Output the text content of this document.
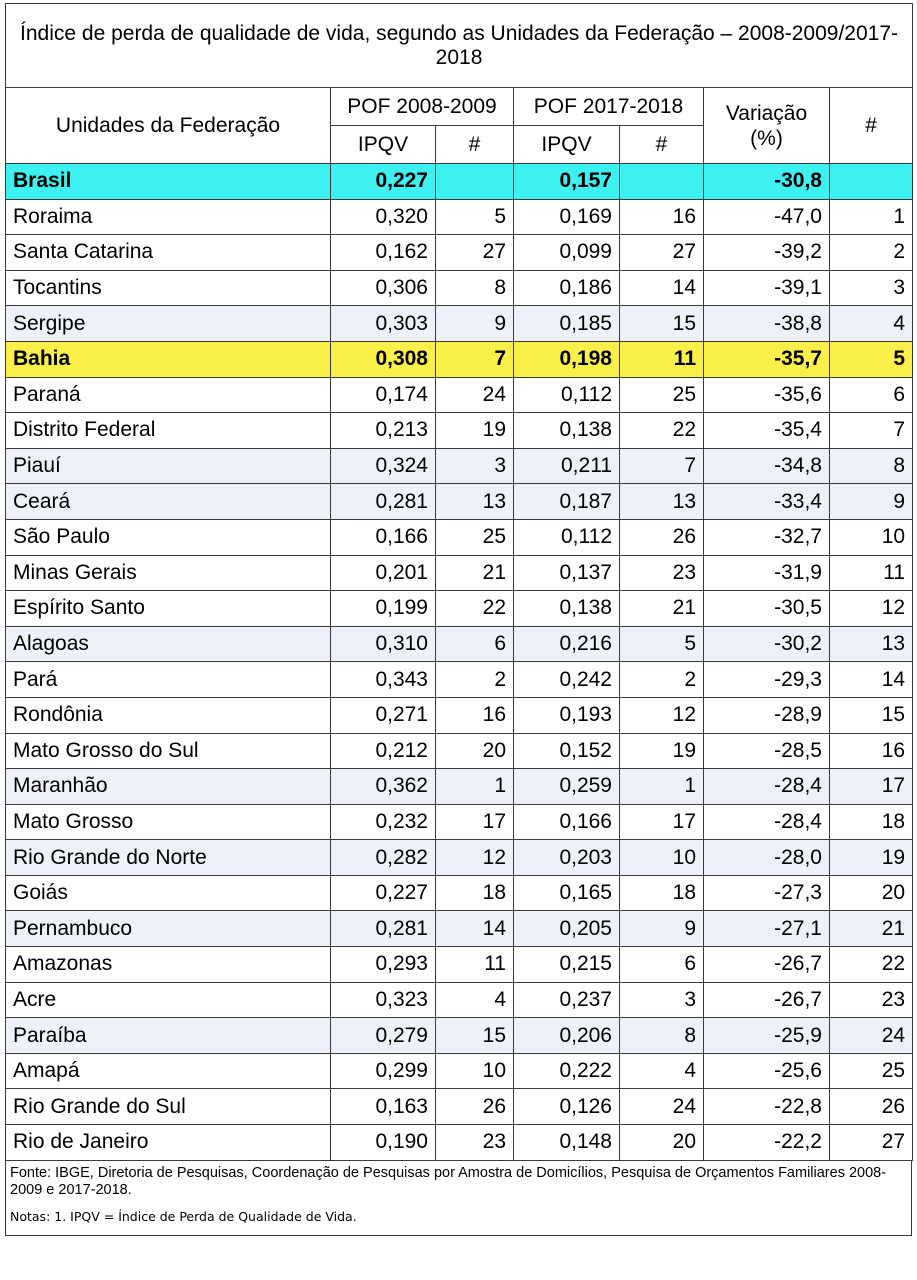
Índice de perda de qualidade de vida, segundo as Unidades da Federação – 2008-2009/2017-2018						
Unidades da Federação	POF 2008-2009		POF 2017-2018		Variação (%)	#
	IPQV	#	IPQV	#		
Brasil	0,227		0,157		-30,8	
Roraima	0,320	5	0,169	16	-47,0	1
Santa Catarina	0,162	27	0,099	27	-39,2	2
Tocantins	0,306	8	0,186	14	-39,1	3
Sergipe	0,303	9	0,185	15	-38,8	4
Bahia	0,308	7	0,198	11	-35,7	5
Paraná	0,174	24	0,112	25	-35,6	6
Distrito Federal	0,213	19	0,138	22	-35,4	7
Piauí	0,324	3	0,211	7	-34,8	8
Ceará	0,281	13	0,187	13	-33,4	9
São Paulo	0,166	25	0,112	26	-32,7	10
Minas Gerais	0,201	21	0,137	23	-31,9	11
Espírito Santo	0,199	22	0,138	21	-30,5	12
Alagoas	0,310	6	0,216	5	-30,2	13
Pará	0,343	2	0,242	2	-29,3	14
Rondônia	0,271	16	0,193	12	-28,9	15
Mato Grosso do Sul	0,212	20	0,152	19	-28,5	16
Maranhão	0,362	1	0,259	1	-28,4	17
Mato Grosso	0,232	17	0,166	17	-28,4	18
Rio Grande do Norte	0,282	12	0,203	10	-28,0	19
Goiás	0,227	18	0,165	18	-27,3	20
Pernambuco	0,281	14	0,205	9	-27,1	21
Amazonas	0,293	11	0,215	6	-26,7	22
Acre	0,323	4	0,237	3	-26,7	23
Paraíba	0,279	15	0,206	8	-25,9	24
Amapá	0,299	10	0,222	4	-25,6	25
Rio Grande do Sul	0,163	26	0,126	24	-22,8	26
Rio de Janeiro	0,190	23	0,148	20	-22,2	27
Fonte: IBGE, Diretoria de Pesquisas, Coordenação de Pesquisas por Amostra de Domicílios, Pesquisa de Orçamentos Familiares 2008-2009 e 2017-2018.
Notas: 1. IPQV = Índice de Perda de Qualidade de Vida.
